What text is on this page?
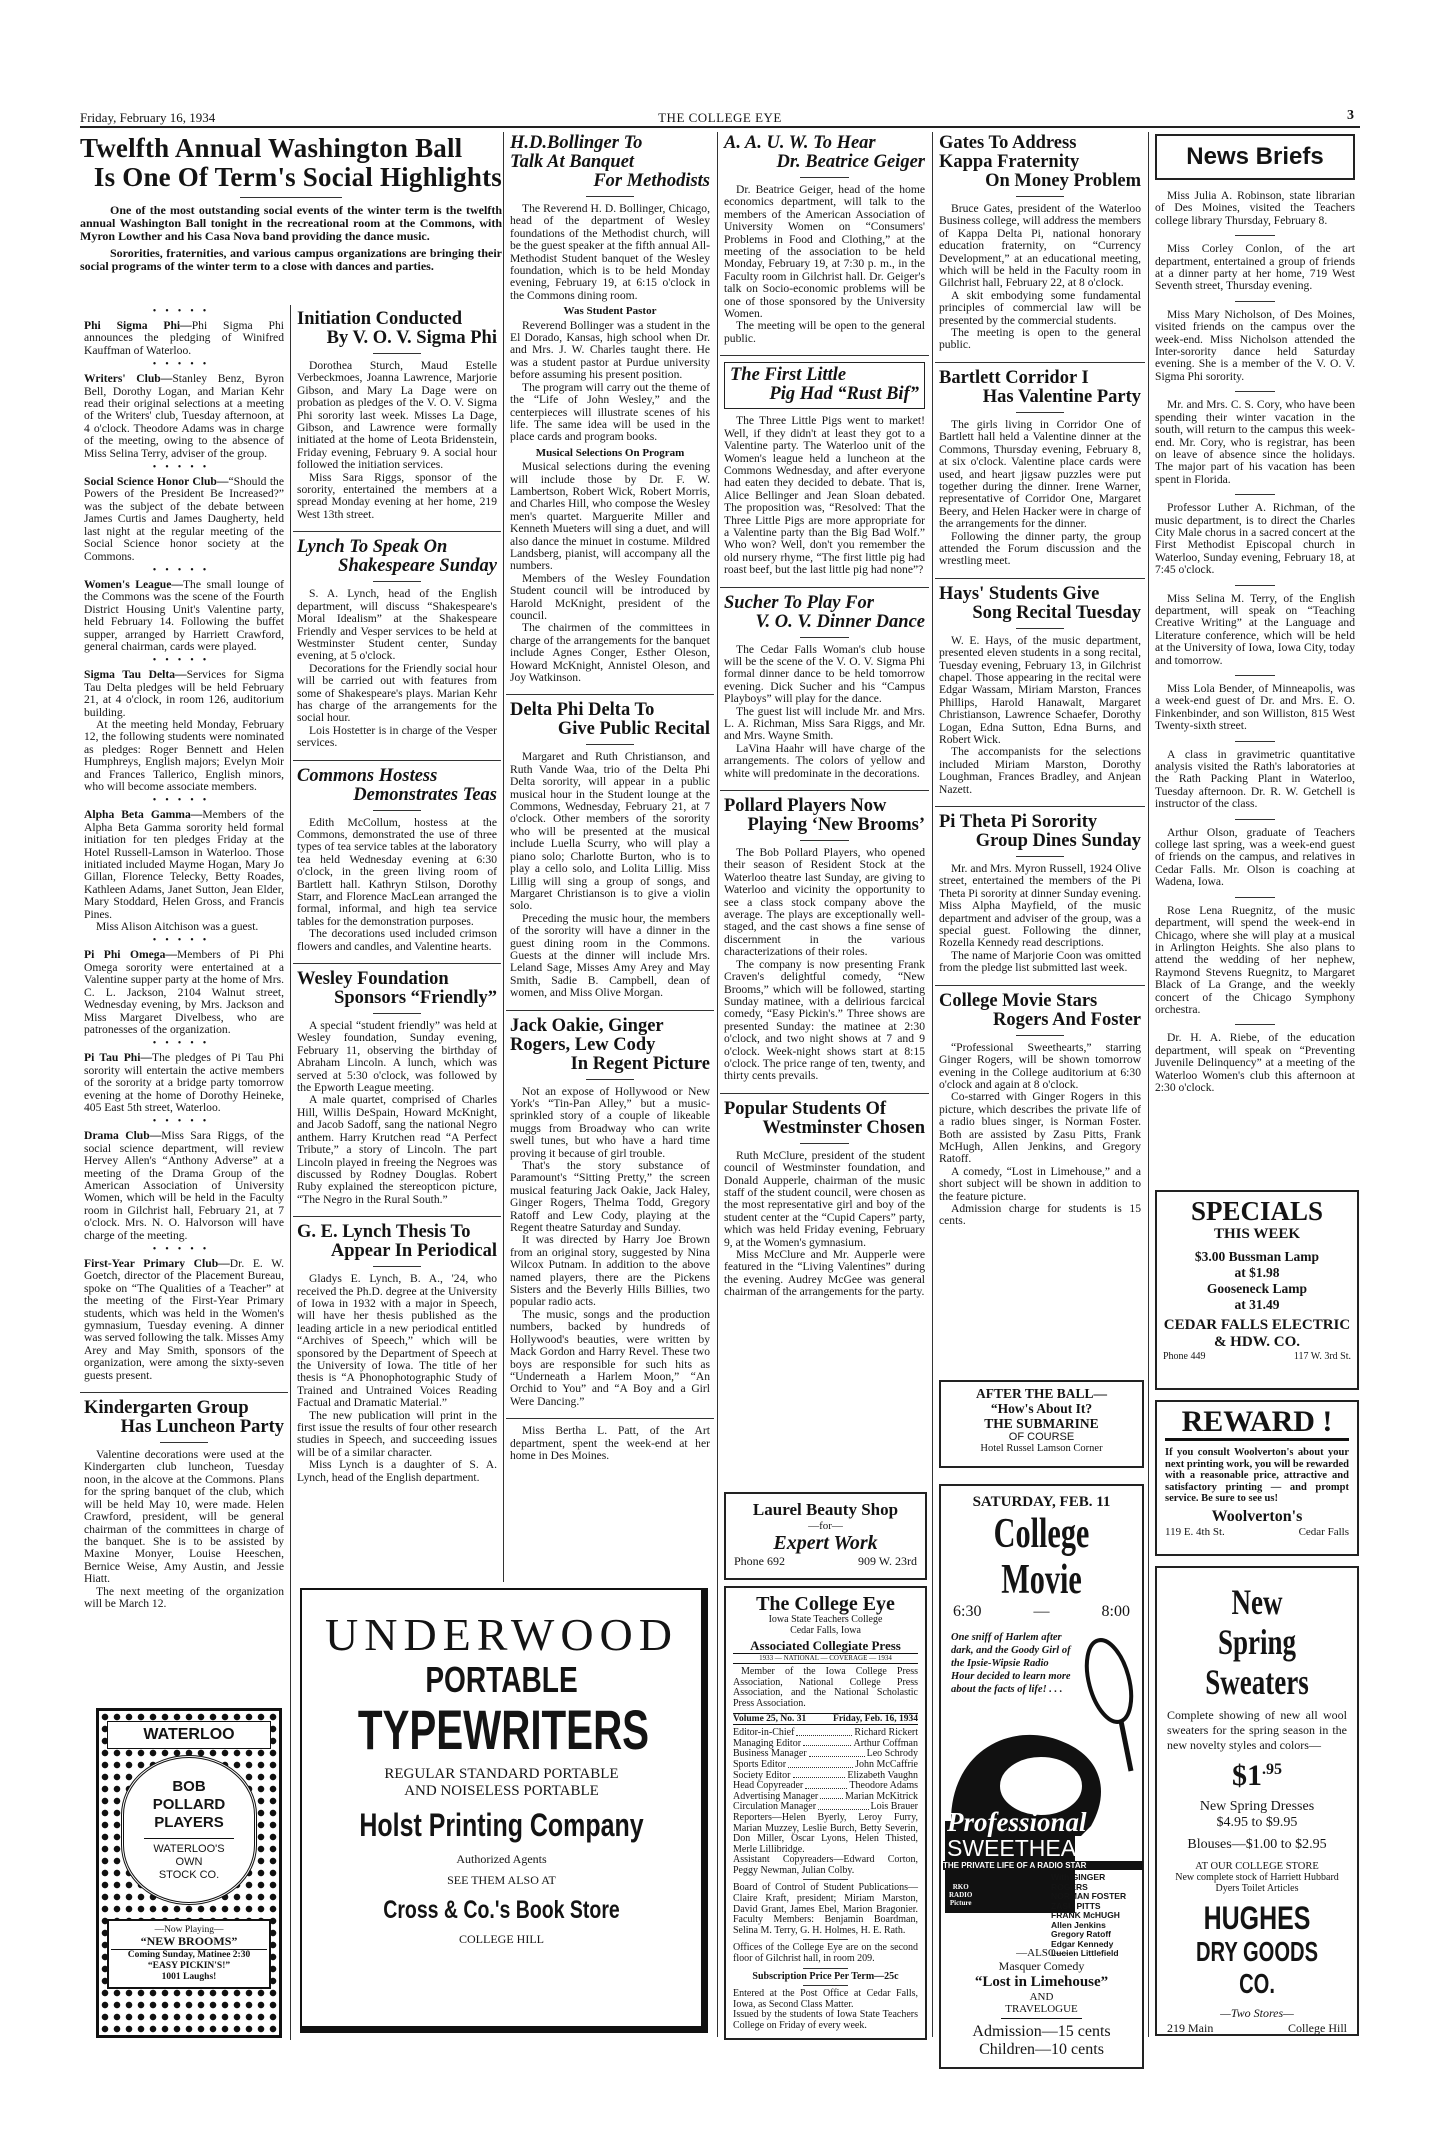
Friday, February 16, 1934	THE COLLEGE EYE	3
Twelfth Annual Washington Ball
Is One Of Term's Social Highlights

One of the most outstanding social events of the winter term is the twelfth annual Washington Ball tonight in the recreational room at the Commons, with Myron Lowther and his Casa Nova band providing the dance music.

Sororities, fraternities, and various campus organizations are bringing their social programs of the winter term to a close with dances and parties.

•••••

Phi Sigma Phi—Phi Sigma Phi announces the pledging of Winifred Kauffman of Waterloo.

•••••

Writers' Club—Stanley Benz, Byron Bell, Dorothy Logan, and Marian Kehr read their original selections at a meeting of the Writers' club, Tuesday afternoon, at 4 o'clock. Theodore Adams was in charge of the meeting, owing to the absence of Miss Selina Terry, adviser of the group.

•••••

Social Science Honor Club—“Should the Powers of the President Be Increased?” was the subject of the debate between James Curtis and James Daugherty, held last night at the regular meeting of the Social Science honor society at the Commons.

•••••

Women's League—The small lounge of the Commons was the scene of the Fourth District Housing Unit's Valentine party, held February 14. Following the buffet supper, arranged by Harriett Crawford, general chairman, cards were played.

•••••

Sigma Tau Delta—Services for Sigma Tau Delta pledges will be held February 21, at 4 o'clock, in room 126, auditorium building.

At the meeting held Monday, February 12, the following students were nominated as pledges: Roger Bennett and Helen Humphreys, English majors; Evelyn Moir and Frances Tallerico, English minors, who will become associate members.

•••••

Alpha Beta Gamma—Members of the Alpha Beta Gamma sorority held formal initiation for ten pledges Friday at the Hotel Russell-Lamson in Waterloo. Those initiated included Mayme Hogan, Mary Jo Gillan, Florence Telecky, Betty Roades, Kathleen Adams, Janet Sutton, Jean Elder, Mary Stoddard, Helen Gross, and Francis Pines.

Miss Alison Aitchison was a guest.

•••••

Pi Phi Omega—Members of Pi Phi Omega sorority were entertained at a Valentine supper party at the home of Mrs. C. L. Jackson, 2104 Walnut street, Wednesday evening, by Mrs. Jackson and Miss Margaret Divelbess, who are patronesses of the organization.

•••••

Pi Tau Phi—The pledges of Pi Tau Phi sorority will entertain the active members of the sorority at a bridge party tomorrow evening at the home of Dorothy Heineke, 405 East 5th street, Waterloo.

•••••

Drama Club—Miss Sara Riggs, of the social science department, will review Hervey Allen's “Anthony Adverse” at a meeting of the Drama Group of the American Association of University Women, which will be held in the Faculty room in Gilchrist hall, February 21, at 7 o'clock. Mrs. N. O. Halvorson will have charge of the meeting.

•••••

First-Year Primary Club—Dr. E. W. Goetch, director of the Placement Bureau, spoke on “The Qualities of a Teacher” at the meeting of the First-Year Primary students, which was held in the Women's gymnasium, Tuesday evening. A dinner was served following the talk. Misses Amy Arey and May Smith, sponsors of the organization, were among the sixty-seven guests present.

Kindergarten Group
Has Luncheon Party

Valentine decorations were used at the Kindergarten club luncheon, Tuesday noon, in the alcove at the Commons. Plans for the spring banquet of the club, which will be held May 10, were made. Helen Crawford, president, will be general chairman of the committees in charge of the banquet. She is to be assisted by Maxine Monyer, Louise Heeschen, Bernice Weise, Amy Austin, and Jessie Hiatt.

The next meeting of the organization will be March 12.

Initiation Conducted
By V. O. V. Sigma Phi

Dorothea Sturch, Maud Estelle Verbeckmoes, Joanna Lawrence, Marjorie Gibson, and Mary La Dage were on probation as pledges of the V. O. V. Sigma Phi sorority last week. Misses La Dage, Gibson, and Lawrence were formally initiated at the home of Leota Bridenstein, Friday evening, February 9. A social hour followed the initiation services.

Miss Sara Riggs, sponsor of the sorority, entertained the members at a spread Monday evening at her home, 219 West 13th street.

Lynch To Speak On
Shakespeare Sunday

S. A. Lynch, head of the English department, will discuss “Shakespeare's Moral Idealism” at the Shakespeare Friendly and Vesper services to be held at Westminster Student center, Sunday evening, at 5 o'clock.

Decorations for the Friendly social hour will be carried out with features from some of Shakespeare's plays. Marian Kehr has charge of the arrangements for the social hour.

Lois Hostetter is in charge of the Vesper services.

Commons Hostess
Demonstrates Teas

Edith McCollum, hostess at the Commons, demonstrated the use of three types of tea service tables at the laboratory tea held Wednesday evening at 6:30 o'clock, in the green living room of Bartlett hall. Kathryn Stilson, Dorothy Starr, and Florence MacLean arranged the formal, informal, and high tea service tables for the demonstration purposes.

The decorations used included crimson flowers and candles, and Valentine hearts.

Wesley Foundation
Sponsors “Friendly”

A special “student friendly” was held at Wesley foundation, Sunday evening, February 11, observing the birthday of Abraham Lincoln. A lunch, which was served at 5:30 o'clock, was followed by the Epworth League meeting.

A male quartet, comprised of Charles Hill, Willis DeSpain, Howard McKnight, and Jacob Sadoff, sang the national Negro anthem. Harry Krutchen read “A Perfect Tribute,” a story of Lincoln. The part Lincoln played in freeing the Negroes was discussed by Rodney Douglas. Robert Ruby explained the stereopticon picture, “The Negro in the Rural South.”

G. E. Lynch Thesis To
Appear In Periodical

Gladys E. Lynch, B. A., '24, who received the Ph.D. degree at the University of Iowa in 1932 with a major in Speech, will have her thesis published as the leading article in a new periodical entitled “Archives of Speech,” which will be sponsored by the Department of Speech at the University of Iowa. The title of her thesis is “A Phonophotographic Study of Trained and Untrained Voices Reading Factual and Dramatic Material.”

The new publication will print in the first issue the results of four other research studies in Speech, and succeeding issues will be of a similar character.

Miss Lynch is a daughter of S. A. Lynch, head of the English department.

H.D.Bollinger To
Talk At Banquet
For Methodists

The Reverend H. D. Bollinger, Chicago, head of the department of Wesley foundations of the Methodist church, will be the guest speaker at the fifth annual All-Methodist Student banquet of the Wesley foundation, which is to be held Monday evening, February 19, at 6:15 o'clock in the Commons dining room.

Was Student Pastor

Reverend Bollinger was a student in the El Dorado, Kansas, high school when Dr. and Mrs. J. W. Charles taught there. He was a student pastor at Purdue university before assuming his present position.

The program will carry out the theme of the “Life of John Wesley,” and the centerpieces will illustrate scenes of his life. The same idea will be used in the place cards and program books.

Musical Selections On Program

Musical selections during the evening will include those by Dr. F. W. Lambertson, Robert Wick, Robert Morris, and Charles Hill, who compose the Wesley men's quartet. Marguerite Miller and Kenneth Mueters will sing a duet, and will also dance the minuet in costume. Mildred Landsberg, pianist, will accompany all the numbers.

Members of the Wesley Foundation Student council will be introduced by Harold McKnight, president of the council.

The chairmen of the committees in charge of the arrangements for the banquet include Agnes Conger, Esther Oleson, Howard McKnight, Annistel Oleson, and Joy Watkinson.

Delta Phi Delta To
Give Public Recital

Margaret and Ruth Christianson, and Ruth Vande Waa, trio of the Delta Phi Delta sorority, will appear in a public musical hour in the Student lounge at the Commons, Wednesday, February 21, at 7 o'clock. Other members of the sorority who will be presented at the musical include Luella Scurry, who will play a piano solo; Charlotte Burton, who is to play a cello solo, and Lolita Lillig. Miss Lillig will sing a group of songs, and Margaret Christianson is to give a violin solo.

Preceding the music hour, the members of the sorority will have a dinner in the guest dining room in the Commons. Guests at the dinner will include Mrs. Leland Sage, Misses Amy Arey and May Smith, Sadie B. Campbell, dean of women, and Miss Olive Morgan.

Jack Oakie, Ginger
Rogers, Lew Cody
In Regent Picture

Not an expose of Hollywood or New York's “Tin-Pan Alley,” but a music-sprinkled story of a couple of likeable muggs from Broadway who can write swell tunes, but who have a hard time proving it because of girl trouble.

That's the story substance of Paramount's “Sitting Pretty,” the screen musical featuring Jack Oakie, Jack Haley, Ginger Rogers, Thelma Todd, Gregory Ratoff and Lew Cody, playing at the Regent theatre Saturday and Sunday.

It was directed by Harry Joe Brown from an original story, suggested by Nina Wilcox Putnam. In addition to the above named players, there are the Pickens Sisters and the Beverly Hills Billies, two popular radio acts.

The music, songs and the production numbers, backed by hundreds of Hollywood's beauties, were written by Mack Gordon and Harry Revel. These two boys are responsible for such hits as “Underneath a Harlem Moon,” “An Orchid to You” and “A Boy and a Girl Were Dancing.”

Miss Bertha L. Patt, of the Art department, spent the week-end at her home in Des Moines.

A. A. U. W. To Hear
Dr. Beatrice Geiger

Dr. Beatrice Geiger, head of the home economics department, will talk to the members of the American Association of University Women on “Consumers' Problems in Food and Clothing,” at the meeting of the association to be held Monday, February 19, at 7:30 p. m., in the Faculty room in Gilchrist hall. Dr. Geiger's talk on Socio-economic problems will be one of those sponsored by the University Women.

The meeting will be open to the general public.

The First Little
Pig Had “Rust Bif”

The Three Little Pigs went to market! Well, if they didn't at least they got to a Valentine party. The Waterloo unit of the Women's league held a luncheon at the Commons Wednesday, and after everyone had eaten they decided to debate. That is, Alice Bellinger and Jean Sloan debated. The proposition was, “Resolved: That the Three Little Pigs are more appropriate for a Valentine party than the Big Bad Wolf.” Who won? Well, don't you remember the old nursery rhyme, “The first little pig had roast beef, but the last little pig had none”?

Sucher To Play For
V. O. V. Dinner Dance

The Cedar Falls Woman's club house will be the scene of the V. O. V. Sigma Phi formal dinner dance to be held tomorrow evening. Dick Sucher and his “Campus Playboys” will play for the dance.

The guest list will include Mr. and Mrs. L. A. Richman, Miss Sara Riggs, and Mr. and Mrs. Wayne Smith.

LaVina Haahr will have charge of the arrangements. The colors of yellow and white will predominate in the decorations.

Pollard Players Now
Playing ‘New Brooms’

The Bob Pollard Players, who opened their season of Resident Stock at the Waterloo theatre last Sunday, are giving to Waterloo and vicinity the opportunity to see a class stock company above the average. The plays are exceptionally well-staged, and the cast shows a fine sense of discernment in the various characterizations of their roles.

The company is now presenting Frank Craven's delightful comedy, “New Brooms,” which will be followed, starting Sunday matinee, with a delirious farcical comedy, “Easy Pickin's.” Three shows are presented Sunday: the matinee at 2:30 o'clock, and two night shows at 7 and 9 o'clock. Week-night shows start at 8:15 o'clock. The price range of ten, twenty, and thirty cents prevails.

Popular Students Of
Westminster Chosen

Ruth McClure, president of the student council of Westminster foundation, and Donald Aupperle, chairman of the music staff of the student council, were chosen as the most representative girl and boy of the student center at the “Cupid Capers” party, which was held Friday evening, February 9, at the Women's gymnasium.

Miss McClure and Mr. Aupperle were featured in the “Living Valentines” during the evening. Audrey McGee was general chairman of the arrangements for the party.

Gates To Address
Kappa Fraternity
On Money Problem

Bruce Gates, president of the Waterloo Business college, will address the members of Kappa Delta Pi, national honorary education fraternity, on “Currency Development,” at an educational meeting, which will be held in the Faculty room in Gilchrist hall, February 22, at 8 o'clock.

A skit embodying some fundamental principles of commercial law will be presented by the commercial students.

The meeting is open to the general public.

Bartlett Corridor I
Has Valentine Party

The girls living in Corridor One of Bartlett hall held a Valentine dinner at the Commons, Thursday evening, February 8, at six o'clock. Valentine place cards were used, and heart jigsaw puzzles were put together during the dinner. Irene Warner, representative of Corridor One, Margaret Beery, and Helen Hacker were in charge of the arrangements for the dinner.

Following the dinner party, the group attended the Forum discussion and the wrestling meet.

Hays' Students Give
Song Recital Tuesday

W. E. Hays, of the music department, presented eleven students in a song recital, Tuesday evening, February 13, in Gilchrist chapel. Those appearing in the recital were Edgar Wassam, Miriam Marston, Frances Phillips, Harold Hanawalt, Margaret Christianson, Lawrence Schaefer, Dorothy Logan, Edna Sutton, Edna Burns, and Robert Wick.

The accompanists for the selections included Miriam Marston, Dorothy Loughman, Frances Bradley, and Anjean Nazett.

Pi Theta Pi Sorority
Group Dines Sunday

Mr. and Mrs. Myron Russell, 1924 Olive street, entertained the members of the Pi Theta Pi sorority at dinner Sunday evening. Miss Alpha Mayfield, of the music department and adviser of the group, was a special guest. Following the dinner, Rozella Kennedy read descriptions.

The name of Marjorie Coon was omitted from the pledge list submitted last week.

College Movie Stars
Rogers And Foster

“Professional Sweethearts,” starring Ginger Rogers, will be shown tomorrow evening in the College auditorium at 6:30 o'clock and again at 8 o'clock.

Co-starred with Ginger Rogers in this picture, which describes the private life of a radio blues singer, is Norman Foster. Both are assisted by Zasu Pitts, Frank McHugh, Allen Jenkins, and Gregory Ratoff.

A comedy, “Lost in Limehouse,” and a short subject will be shown in addition to the feature picture.

Admission charge for students is 15 cents.

News Briefs

Miss Julia A. Robinson, state librarian of Des Moines, visited the Teachers college library Thursday, February 8.

Miss Corley Conlon, of the art department, entertained a group of friends at a dinner party at her home, 719 West Seventh street, Thursday evening.

Miss Mary Nicholson, of Des Moines, visited friends on the campus over the week-end. Miss Nicholson attended the Inter-sorority dance held Saturday evening. She is a member of the V. O. V. Sigma Phi sorority.

Mr. and Mrs. C. S. Cory, who have been spending their winter vacation in the south, will return to the campus this week-end. Mr. Cory, who is registrar, has been on leave of absence since the holidays. The major part of his vacation has been spent in Florida.

Professor Luther A. Richman, of the music department, is to direct the Charles City Male chorus in a sacred concert at the First Methodist Episcopal church in Waterloo, Sunday evening, February 18, at 7:45 o'clock.

Miss Selina M. Terry, of the English department, will speak on “Teaching Creative Writing” at the Language and Literature conference, which will be held at the University of Iowa, Iowa City, today and tomorrow.

Miss Lola Bender, of Minneapolis, was a week-end guest of Dr. and Mrs. E. O. Finkenbinder, and son Williston, 815 West Twenty-sixth street.

A class in gravimetric quantitative analysis visited the Rath's laboratories at the Rath Packing Plant in Waterloo, Tuesday afternoon. Dr. R. W. Getchell is instructor of the class.

Arthur Olson, graduate of Teachers college last spring, was a week-end guest of friends on the campus, and relatives in Cedar Falls. Mr. Olson is coaching at Wadena, Iowa.

Rose Lena Ruegnitz, of the music department, will spend the week-end in Chicago, where she will play at a musical in Arlington Heights. She also plans to attend the wedding of her nephew, Raymond Stevens Ruegnitz, to Margaret Black of La Grange, and the weekly concert of the Chicago Symphony orchestra.

Dr. H. A. Riebe, of the education department, will speak on “Preventing Juvenile Delinquency” at a meeting of the Waterloo Women's club this afternoon at 2:30 o'clock.

WATERLOO
BOB
POLLARD
PLAYERS
WATERLOO'S
OWN
STOCK CO.
—Now Playing—
“NEW BROOMS”
Coming Sunday, Matinee 2:30
“EASY PICKIN'S!”
1001 Laughs!
UNDERWOOD
PORTABLE
TYPEWRITERS
REGULAR STANDARD PORTABLE
AND NOISELESS PORTABLE
Holst Printing Company
Authorized Agents
SEE THEM ALSO AT
Cross & Co.'s Book Store
COLLEGE HILL
Laurel Beauty Shop
—for—
Expert Work
Phone 692	909 W. 23rd
The College Eye
Iowa State Teachers College
Cedar Falls, Iowa
Associated Collegiate Press
1933 — NATIONAL — COVERAGE — 1934

Member of the Iowa College Press Association, National College Press Association, and the National Scholastic Press Association.

Volume 25, No. 31	Friday, Feb. 16, 1934
Editor-in-Chief	Richard Rickert
Managing Editor	Arthur Coffman
Business Manager	Leo Schrody
Sports Editor	John McCaffrie
Society Editor	Elizabeth Vaughn
Head Copyreader	Theodore Adams
Advertising Manager	Marian McKitrick
Circulation Manager	Lois Brauer

Reporters—Helen Byerly, Leroy Furry, Marian Muzzey, Leslie Burch, Betty Severin, Don Miller, Oscar Lyons, Helen Thisted, Merle Lillibridge.

Assistant Copyreaders—Edward Corton, Peggy Newman, Julian Colby.

Board of Control of Student Publications—Claire Kraft, president; Miriam Marston, David Grant, James Ebel, Marion Bragonier. Faculty Members: Benjamin Boardman, Selina M. Terry, G. H. Holmes, H. E. Rath.

Offices of the College Eye are on the second floor of Gilchrist hall, in room 209.

Subscription Price Per Term—25c

Entered at the Post Office at Cedar Falls, Iowa, as Second Class Matter.

Issued by the students of Iowa State Teachers College on Friday of every week.

AFTER THE BALL—
“How's About It?
THE SUBMARINE
OF COURSE
Hotel Russel Lamson Corner
SATURDAY, FEB. 11
College Movie
6:30	—	8:00
One sniff of Harlem after dark, and the Goody Girl of the Ipsie-Wipsie Radio Hour decided to learn more about the facts of life! . . .
Professional
SWEETHEART
THE PRIVATE LIFE OF A RADIO STAR
With GINGER ROGERS
NORMAN FOSTER
ZASU PITTS
FRANK McHUGH
Allen Jenkins
Gregory Ratoff
Edgar Kennedy
Lucien Littlefield
RKO
RADIO
Picture
—ALSO—
Masquer Comedy
“Lost in Limehouse”
AND TRAVELOGUE
Admission—15 cents
Children—10 cents
SPECIALS
THIS WEEK
$3.00 Bussman Lamp
at $1.98
Gooseneck Lamp
at 31.49
CEDAR FALLS ELECTRIC & HDW. CO.
Phone 449	117 W. 3rd St.
REWARD !

If you consult Woolverton's about your next printing work, you will be rewarded with a reasonable price, attractive and satisfactory printing — and prompt service. Be sure to see us!

Woolverton's
119 E. 4th St.	Cedar Falls
New Spring
Sweaters

Complete showing of new all wool sweaters for the spring season in the new novelty styles and colors—

$\$1^{.95}$
New Spring Dresses
$4.95 to $9.95
Blouses—$1.00 to $2.95
AT OUR COLLEGE STORE
New complete stock of Harriett Hubbard Dyers Toilet Articles
HUGHES
DRY GOODS CO.
—Two Stores—
219 Main	College Hill
